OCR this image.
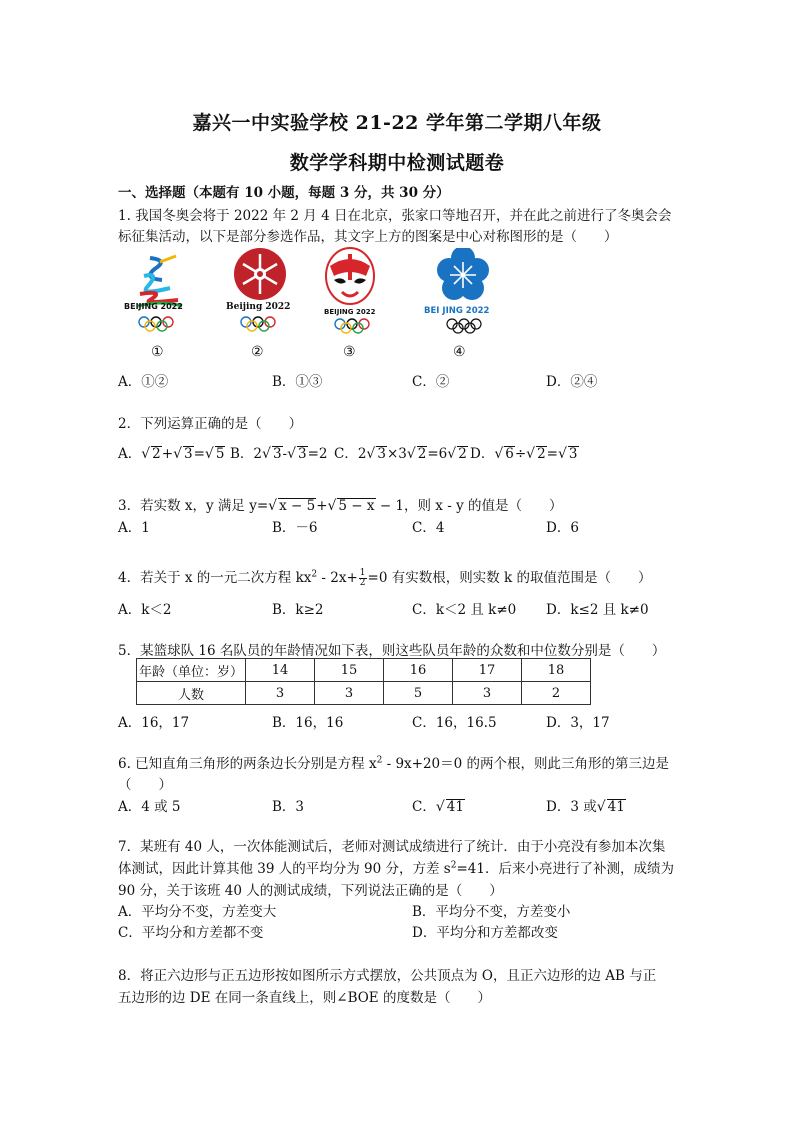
嘉兴一中实验学校 21-22 学年第二学期八年级
数学学科期中检测试题卷
一、选择题（本题有 10 小题，每题 3 分，共 30 分）
1. 我国冬奥会将于 2022 年 2 月 4 日在北京，张家口等地召开，并在此之前进行了冬奥会会
标征集活动，以下是部分参选作品，其文字上方的图案是中心对称图形的是（　　）
BEIJING 2022
①
Beijing 2022
②
BEIJING 2022
③
BEI JING 2022
④
A．①②	B．①③	C．②	D．②④
2．下列运算正确的是（　　）
A．√ 2+√ 3=√ 5 B．2√ 3-√ 3=2 C．2√ 3×3√ 2=6√ 2 D．√ 6÷√ 2=√ 3
3．若实数 x，y 满足 y=√ x − 5+√ 5 − x − 1，则 x - y 的值是（　　）
A．1	B．－6	C．4	D．6
4．若关于 x 的一元二次方程 $kx^2 - 2x+ \frac{1}{2} =0$ 有实数根，则实数 k 的取值范围是（　　）
A．k＜2	B．k≥2	C．k＜2 且 k≠0 D．k≤2 且 k≠0
5．某篮球队 16 名队员的年龄情况如下表，则这些队员年龄的众数和中位数分别是（　　）
年龄（单位：岁）	14	15	16	17	18
人数	3	3	5	3	2
A．16，17	B．16，16	C．16，16.5	D．3，17
6. 已知直角三角形的两条边长分别是方程 $x^2 - 9x+20=0$ 的两个根，则此三角形的第三边是
（　　）
A．4 或 5	B．3	C．√ 41	D．3 或√ 41
7．某班有 40 人，一次体能测试后，老师对测试成绩进行了统计．由于小亮没有参加本次集
体测试，因此计算其他 39 人的平均分为 90 分，方差 $s^2=41$．后来小亮进行了补测，成绩为
90 分，关于该班 40 人的测试成绩，下列说法正确的是（　　）
A．平均分不变，方差变大	B．平均分不变，方差变小
C．平均分和方差都不变	D．平均分和方差都改变
8．将正六边形与正五边形按如图所示方式摆放，公共顶点为 O，且正六边形的边 AB 与正
五边形的边 DE 在同一条直线上，则∠BOE 的度数是（　　）
